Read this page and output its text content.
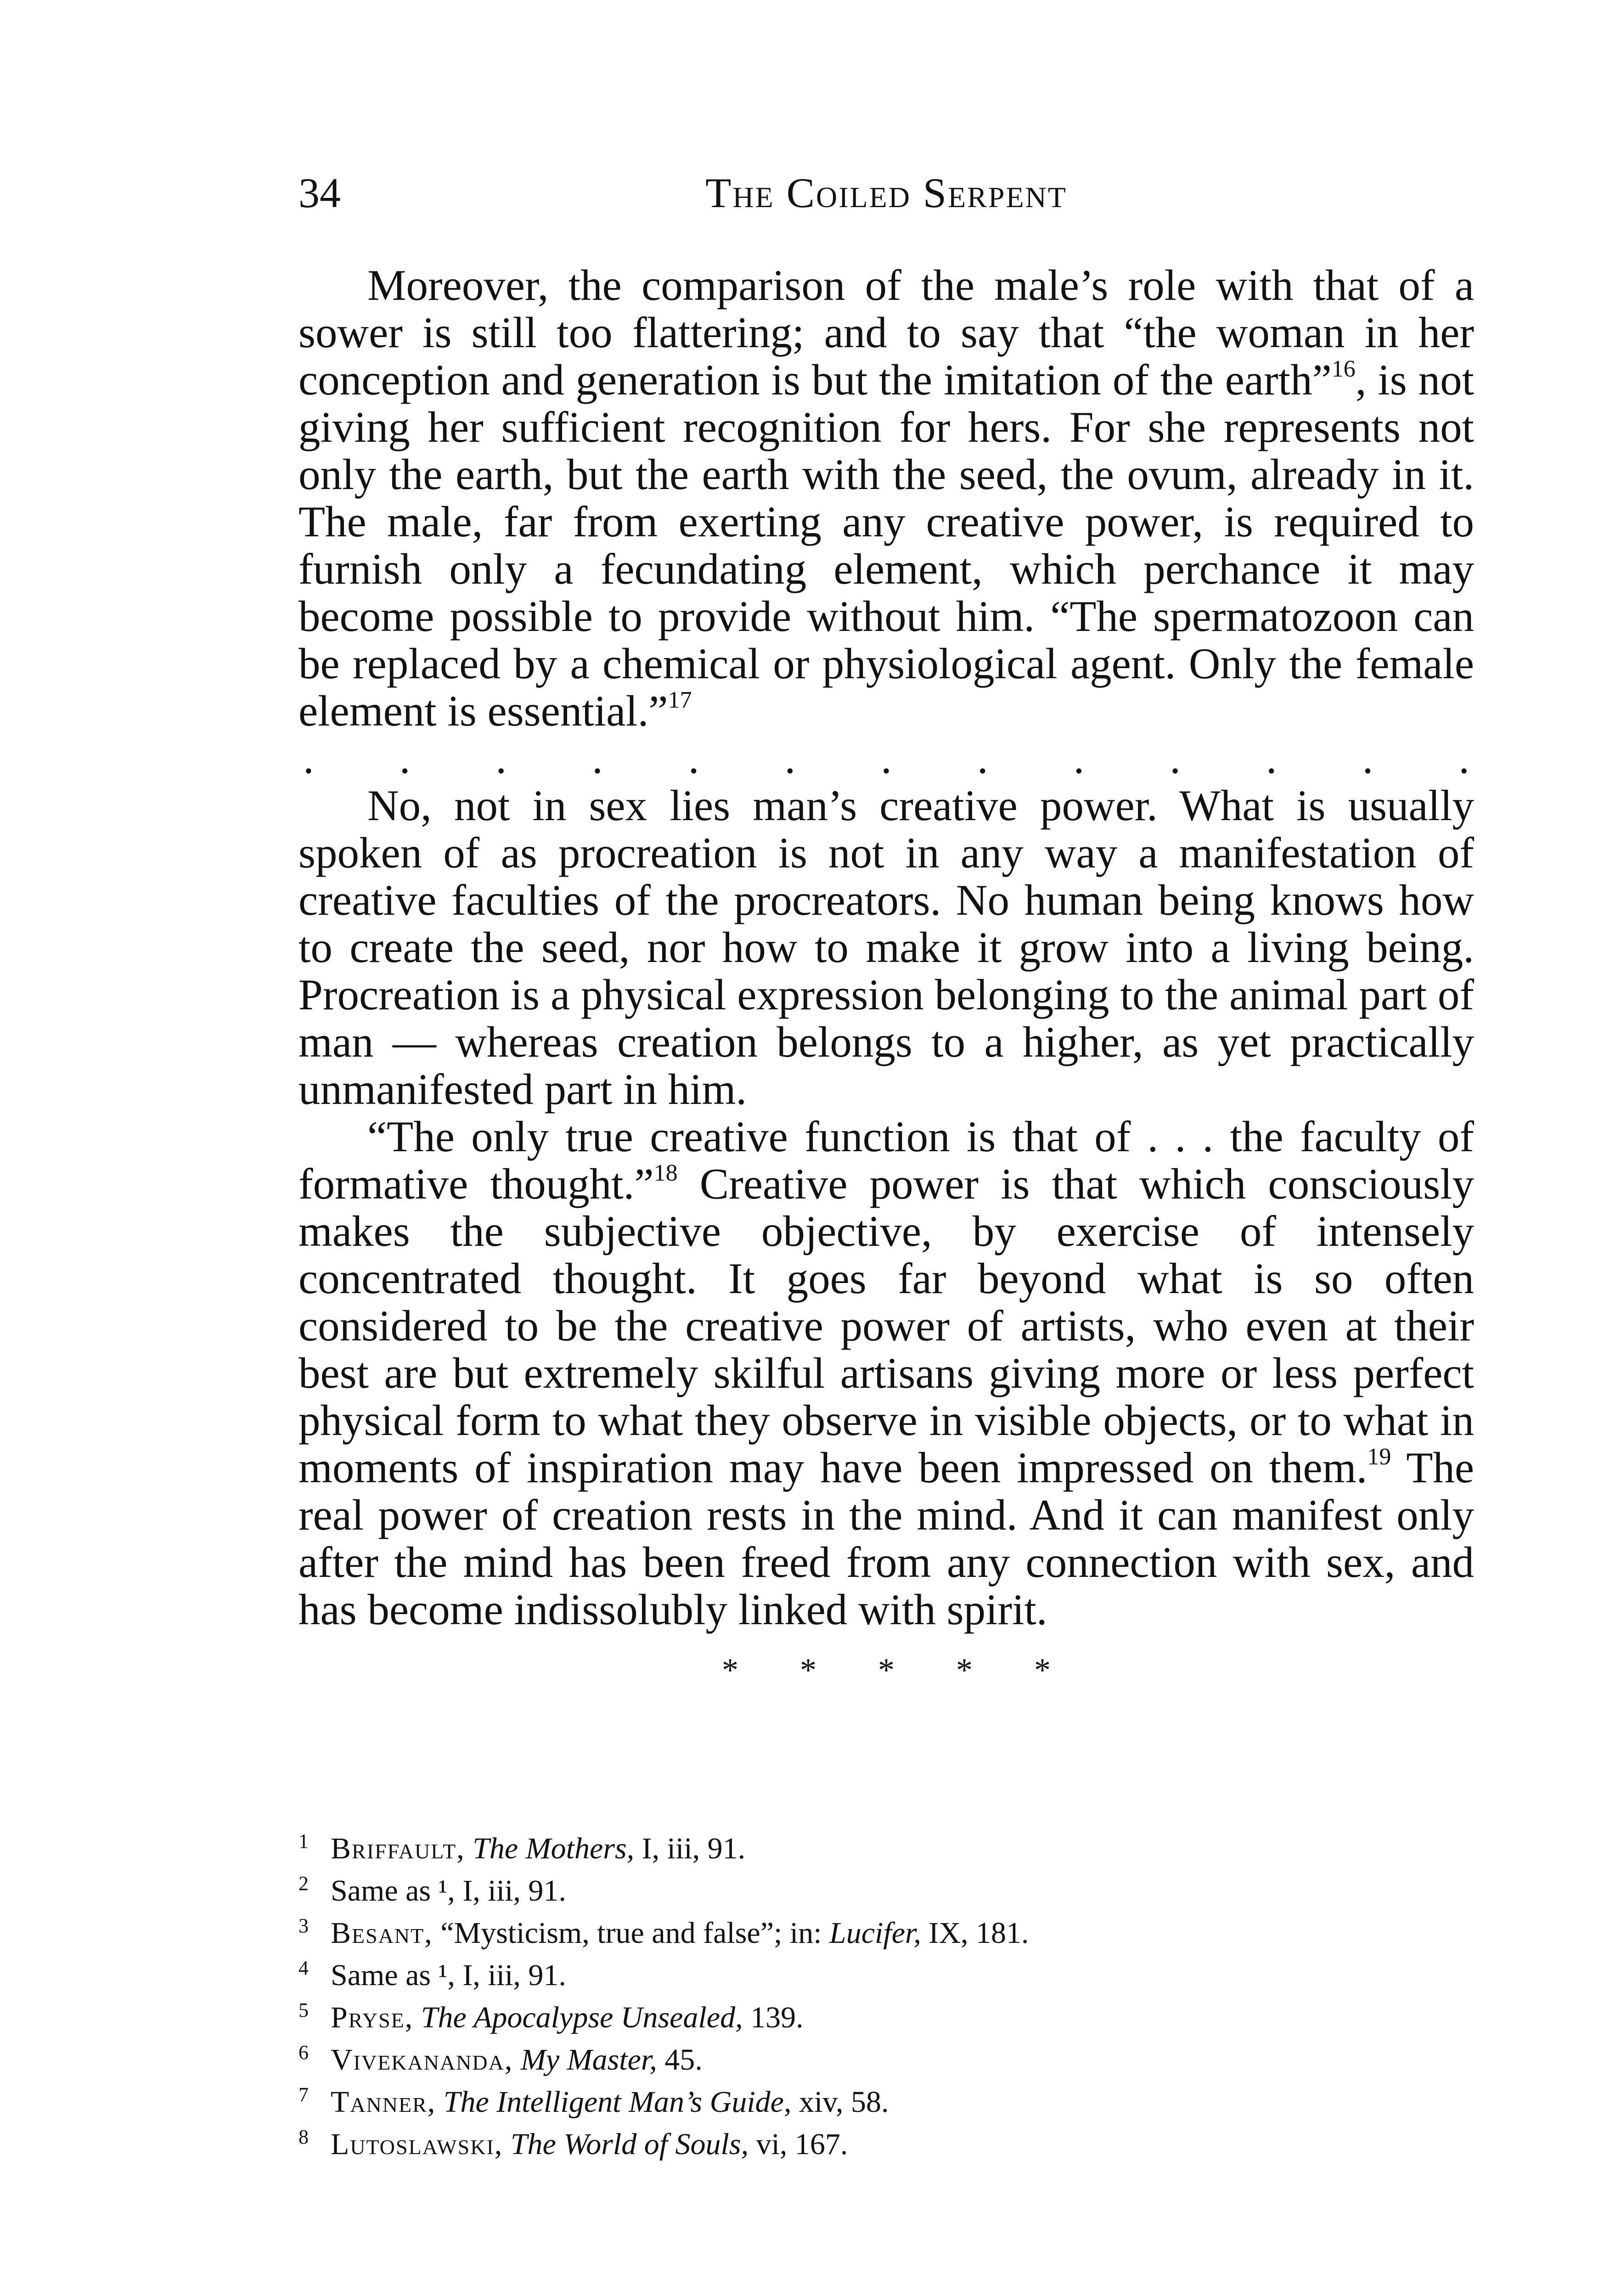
34	The Coiled Serpent

Moreover, the comparison of the male’s role with that of a sower is still too flattering; and to say that “the woman in her conception and generation is but the imitation of the earth”$^{16}$, is not giving her sufficient recognition for hers. For she represents not only the earth, but the earth with the seed, the ovum, already in it. The male, far from exerting any creative power, is required to furnish only a fecundating element, which perchance it may become possible to provide without him. “The spermatozoon can be replaced by a chemical or physiological agent. Only the female element is essential.”$^{17}$

. . . . . . . . . . . . .

No, not in sex lies man’s creative power. What is usually spoken of as procreation is not in any way a manifestation of creative faculties of the procreators. No human being knows how to create the seed, nor how to make it grow into a living being. Procreation is a physical expression belonging to the animal part of man — whereas creation belongs to a higher, as yet practically unmanifested part in him.

“The only true creative function is that of . . . the faculty of formative thought.”$^{18}$ Creative power is that which consciously makes the subjective objective, by exercise of intensely concentrated thought. It goes far beyond what is so often considered to be the creative power of artists, who even at their best are but extremely skilful artisans giving more or less perfect physical form to what they observe in visible objects, or to what in moments of inspiration may have been impressed on them.$^{19}$ The real power of creation rests in the mind. And it can manifest only after the mind has been freed from any connection with sex, and has become indissolubly linked with spirit.

* * * * *
1 Briffault, The Mothers, I, iii, 91.
2 Same as ¹, I, iii, 91.
3 Besant, “Mysticism, true and false”; in: Lucifer, IX, 181.
4 Same as ¹, I, iii, 91.
5 Pryse, The Apocalypse Unsealed, 139.
6 Vivekananda, My Master, 45.
7 Tanner, The Intelligent Man’s Guide, xiv, 58.
8 Lutoslawski, The World of Souls, vi, 167.
